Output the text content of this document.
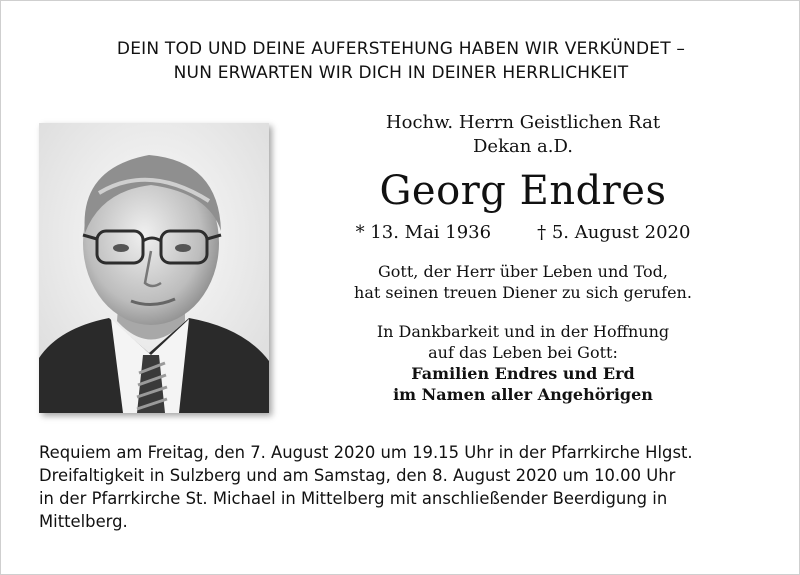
DEIN TOD UND DEINE AUFERSTEHUNG HABEN WIR VERKÜNDET –
NUN ERWARTEN WIR DICH IN DEINER HERRLICHKEIT
Hochw. Herrn Geistlichen Rat
Dekan a.D.
Georg Endres
* 13. Mai 1936	† 5. August 2020
Gott, der Herr über Leben und Tod,
hat seinen treuen Diener zu sich gerufen.
In Dankbarkeit und in der Hoffnung
auf das Leben bei Gott:
Familien Endres und Erd
im Namen aller Angehörigen
Requiem am Freitag, den 7. August 2020 um 19.15 Uhr in der Pfarrkirche Hlgst.
Dreifaltigkeit in Sulzberg und am Samstag, den 8. August 2020 um 10.00 Uhr
in der Pfarrkirche St. Michael in Mittelberg mit anschließender Beerdigung in
Mittelberg.
